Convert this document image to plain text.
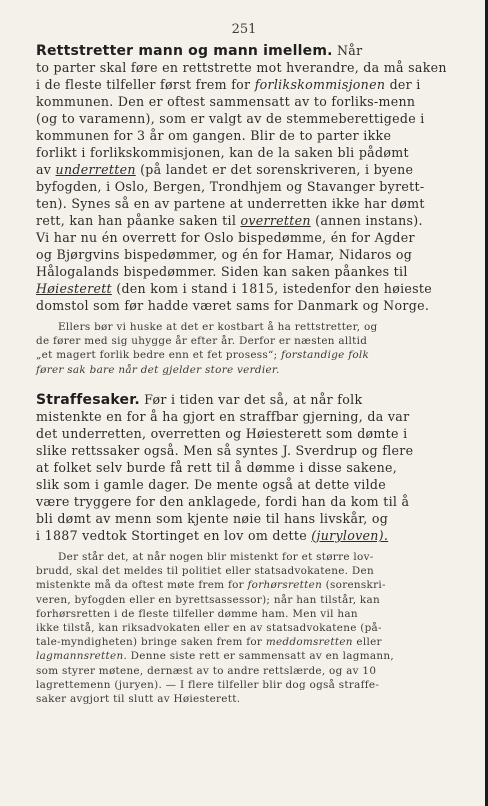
251
Rettstretter mann og mann imellem. Når
to parter skal føre en rettstrette mot hverandre, da må saken
i de fleste tilfeller først frem for forlikskommisjonen der i
kommunen. Den er oftest sammensatt av to forliks-menn
(og to varamenn), som er valgt av de stemmeberettigede i
kommunen for 3 år om gangen. Blir de to parter ikke
forlikt i forlikskommisjonen, kan de la saken bli pådømt
av underretten (på landet er det sorenskriveren, i byene
byfogden, i Oslo, Bergen, Trondhjem og Stavanger byrett-
ten). Synes så en av partene at underretten ikke har dømt
rett, kan han påanke saken til overretten (annen instans).
Vi har nu én overrett for Oslo bispedømme, én for Agder
og Bjørgvins bispedømmer, og én for Hamar, Nidaros og
Hålogalands bispedømmer. Siden kan saken påankes til
Høiesterett (den kom i stand i 1815, istedenfor den høieste
domstol som før hadde været sams for Danmark og Norge.
Ellers bør vi huske at det er kostbart å ha rettstretter, og
de fører med sig uhygge år efter år. Derfor er næsten alltid
„et magert forlik bedre enn et fet prosess“; forstandige folk
fører sak bare når det gjelder store verdier.
Straffesaker. Før i tiden var det så, at når folk
mistenkte en for å ha gjort en straffbar gjerning, da var
det underretten, overretten og Høiesterett som dømte i
slike rettssaker også. Men så syntes J. Sverdrup og flere
at folket selv burde få rett til å dømme i disse sakene,
slik som i gamle dager. De mente også at dette vilde
være tryggere for den anklagede, fordi han da kom til å
bli dømt av menn som kjente nøie til hans livskår, og
i 1887 vedtok Stortinget en lov om dette (juryloven).
Der står det, at når nogen blir mistenkt for et større lov-
brudd, skal det meldes til politiet eller statsadvokatene. Den
mistenkte må da oftest møte frem for forhørsretten (sorenskri-
veren, byfogden eller en byrettsassessor); når han tilstår, kan
forhørsretten i de fleste tilfeller dømme ham. Men vil han
ikke tilstå, kan riksadvokaten eller en av statsadvokatene (på-
tale-myndigheten) bringe saken frem for meddomsretten eller
lagmannsretten. Denne siste rett er sammensatt av en lagmann,
som styrer møtene, dernæst av to andre rettslærde, og av 10
lagrettemenn (juryen). — I flere tilfeller blir dog også straffe-
saker avgjort til slutt av Høiesterett.
